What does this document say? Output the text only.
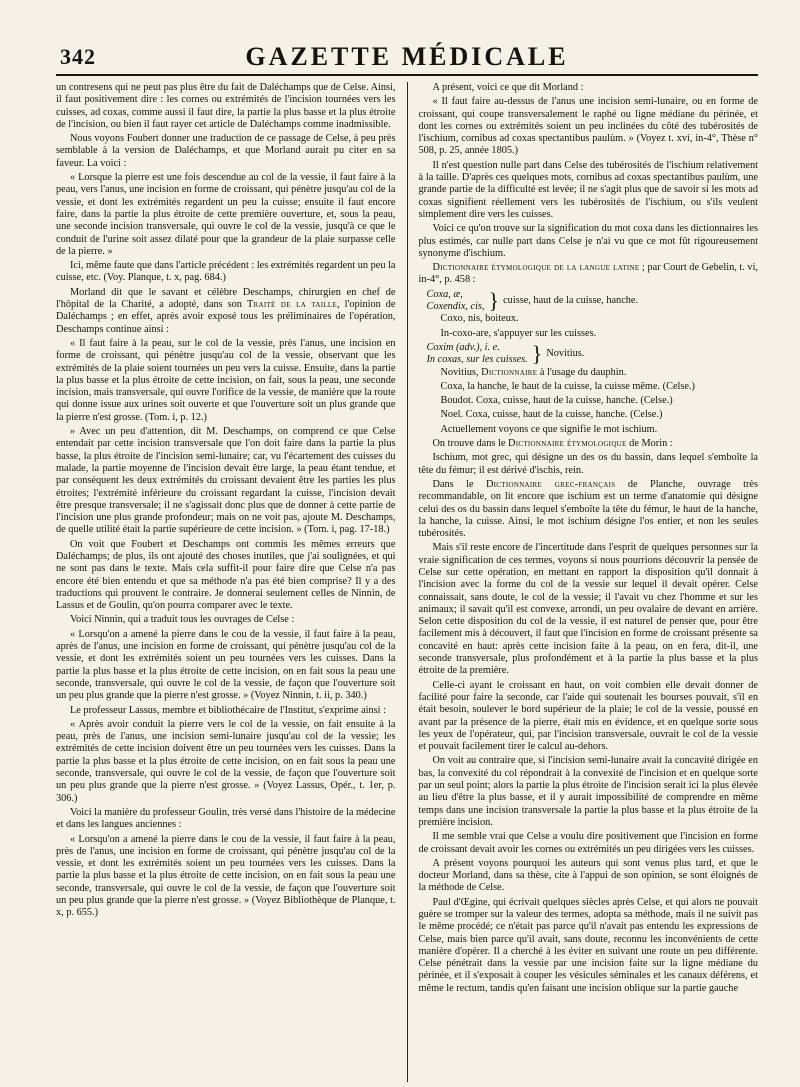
342	GAZETTE MÉDICALE

un contresens qui ne peut pas plus être du fait de Daléchamps que de Celse. Ainsi, il faut positivement dire : les cornes ou extrémités de l'incision tournées vers les cuisses, ad coxas, comme aussi il faut dire, la partie la plus basse et la plus étroite de l'incision, ou bien il faut rayer cet article de Daléchamps comme inadmissible.

Nous voyons Foubert donner une traduction de ce passage de Celse, à peu près semblable à la version de Daléchamps, et que Morland aurait pu citer en sa faveur. La voici :

« Lorsque la pierre est une fois descendue au col de la vessie, il faut faire à la peau, vers l'anus, une incision en forme de croissant, qui pénètre jusqu'au col de la vessie, et dont les extrémités regardent un peu la cuisse; ensuite il faut encore faire, dans la partie la plus étroite de cette première ouverture, et, sous la peau, une seconde incision transversale, qui ouvre le col de la vessie, jusqu'à ce que le conduit de l'urine soit assez dilaté pour que la grandeur de la plaie surpasse celle de la pierre. »

Ici, même faute que dans l'article précédent : les extrémités regardent un peu la cuisse, etc. (Voy. Planque, t. x, pag. 684.)

Morland dit que le savant et célèbre Deschamps, chirurgien en chef de l'hôpital de la Charité, a adopté, dans son Traité de la taille, l'opinion de Daléchamps ; en effet, après avoir exposé tous les préliminaires de l'opération, Deschamps continue ainsi :

« Il faut faire à la peau, sur le col de la vessie, près l'anus, une incision en forme de croissant, qui pénètre jusqu'au col de la vessie, observant que les extrémités de la plaie soient tournées un peu vers la cuisse. Ensuite, dans la partie la plus basse et la plus étroite de cette incision, on fait, sous la peau, une seconde incision, mais transversale, qui ouvre l'orifice de la vessie, de manière que la route qui donne issue aux urines soit ouverte et que l'ouverture soit un plus grande que la pierre n'est grosse. (Tom. i, p. 12.)

» Avec un peu d'attention, dit M. Deschamps, on comprend ce que Celse entendait par cette incision transversale que l'on doit faire dans la partie la plus basse, la plus étroite de l'incision semi-lunaire; car, vu l'écartement des cuisses du malade, la partie moyenne de l'incision devait être large, la peau étant tendue, et par conséquent les deux extrémités du croissant devaient être les parties les plus étroites; l'extrémité inférieure du croissant regardant la cuisse, l'incision devait être presque transversale; il ne s'agissait donc plus que de donner à cette partie de l'incision une plus grande profondeur; mais on ne voit pas, ajoute M. Deschamps, de quelle utilité était la partie supérieure de cette incision. » (Tom. i, pag. 17-18.)

On voit que Foubert et Deschamps ont commis les mêmes erreurs que Daléchamps; de plus, ils ont ajouté des choses inutiles, que j'ai soulignées, et qui ne sont pas dans le texte. Mais cela suffit-il pour faire dire que Celse n'a pas encore été bien entendu et que sa méthode n'a pas été bien comprise? Il y a des traductions qui prouvent le contraire. Je donnerai seulement celles de Ninnin, de Lassus et de Goulin, qu'on pourra comparer avec le texte.

Voici Ninnin, qui a traduit tous les ouvrages de Celse :

« Lorsqu'on a amené la pierre dans le cou de la vessie, il faut faire à la peau, après de l'anus, une incision en forme de croissant, qui pénètre jusqu'au col de la vessie, et dont les extrémités soient un peu tournées vers les cuisses. Dans la partie la plus basse et la plus étroite de cette incision, on en fait sous la peau une seconde, transversale, qui ouvre le col de la vessie, de façon que l'ouverture soit un peu plus grande que la pierre n'est grosse. » (Voyez Ninnin, t. ii, p. 340.)

Le professeur Lassus, membre et bibliothécaire de l'Institut, s'exprime ainsi :

« Après avoir conduit la pierre vers le col de la vessie, on fait ensuite à la peau, près de l'anus, une incision semi-lunaire jusqu'au col de la vessie; les extrémités de cette incision doivent être un peu tournées vers les cuisses. Dans la partie la plus basse et la plus étroite de cette incision, on en fait sous la peau une seconde, transversale, qui ouvre le col de la vessie, de façon que l'ouverture soit un peu plus grande que la pierre n'est grosse. » (Voyez Lassus, Opér., t. 1er, p. 306.)

Voici la manière du professeur Goulin, très versé dans l'histoire de la médecine et dans les langues anciennes :

« Lorsqu'on a amené la pierre dans le cou de la vessie, il faut faire à la peau, près de l'anus, une incision en forme de croissant, qui pénètre jusqu'au col de la vessie, et dont les extrémités soient un peu tournées vers les cuisses. Dans la partie la plus basse et la plus étroite de cette incision, on en fait sous la peau une seconde, transversale, qui ouvre le col de la vessie, de façon que l'ouverture soit un peu plus grande que la pierre n'est grosse. » (Voyez Bibliothèque de Planque, t. x, p. 655.)

A présent, voici ce que dit Morland :

« Il faut faire au-dessus de l'anus une incision semi-lunaire, ou en forme de croissant, qui coupe transversalement le raphé ou ligne médiane du périnée, et dont les cornes ou extrémités soient un peu inclinées du côté des tubérosités de l'ischium, cornibus ad coxas spectantibus paulùm. » (Voyez t. xvi, in-4°, Thèse n° 508, p. 25, année 1805.)

Il n'est question nulle part dans Celse des tubérosités de l'ischium relativement à la taille. D'après ces quelques mots, cornibus ad coxas spectantibus paulùm, une grande partie de la difficulté est levée; il ne s'agit plus que de savoir si les mots ad coxas signifient réellement vers les tubérosités de l'ischium, ou s'ils veulent simplement dire vers les cuisses.

Voici ce qu'on trouve sur la signification du mot coxa dans les dictionnaires les plus estimés, car nulle part dans Celse je n'ai vu que ce mot fût rigoureusement synonyme d'ischium.

Dictionnaire étymologique de la langue latine ; par Court de Gebelin, t. vi, in-4°, p. 458 :

Coxa, æ,
Coxendix, cis, } cuisse, haut de la cuisse, hanche.

Coxo, nis, boiteux.

In-coxo-are, s'appuyer sur les cuisses.

Coxim (adv.), i. e.
In coxas, sur les cuisses. } Novitius.

Novitius, Dictionnaire à l'usage du dauphin.

Coxa, la hanche, le haut de la cuisse, la cuisse même. (Celse.)

Boudot. Coxa, cuisse, haut de la cuisse, hanche. (Celse.)

Noel. Coxa, cuisse, haut de la cuisse, hanche. (Celse.)

Actuellement voyons ce que signifie le mot ischium.

On trouve dans le Dictionnaire étymologique de Morin :

Ischium, mot grec, qui désigne un des os du bassin, dans lequel s'emboîte la tête du fémur; il est dérivé d'ischis, rein.

Dans le Dictionnaire grec-français de Planche, ouvrage très recommandable, on lit encore que ischium est un terme d'anatomie qui désigne celui des os du bassin dans lequel s'emboîte la tête du fémur, le haut de la hanche, la hanche, la cuisse. Ainsi, le mot ischium désigne l'os entier, et non les seules tubérosités.

Mais s'il reste encore de l'incertitude dans l'esprit de quelques personnes sur la vraie signification de ces termes, voyons si nous pourrions découvrir la pensée de Celse sur cette opération, en mettant en rapport la disposition qu'il donnait à l'incision avec la forme du col de la vessie sur lequel il devait opérer. Celse connaissait, sans doute, le col de la vessie; il l'avait vu chez l'homme et sur les animaux; il savait qu'il est convexe, arrondi, un peu ovalaire de devant en arrière. Selon cette disposition du col de la vessie, il est naturel de penser que, pour être facilement mis à découvert, il faut que l'incision en forme de croissant présente sa concavité en haut: après cette incision faite à la peau, on en fera, dit-il, une seconde transversale, plus profondément et à la partie la plus basse et la plus étroite de la première.

Celle-ci ayant le croissant en haut, on voit combien elle devait donner de facilité pour faire la seconde, car l'aide qui soutenait les bourses pouvait, s'il en était besoin, soulever le bord supérieur de la plaie; le col de la vessie, poussé en avant par la présence de la pierre, était mis en évidence, et en quelque sorte sous les yeux de l'opérateur, qui, par l'incision transversale, ouvrait le col de la vessie et pouvait facilement tirer le calcul au-dehors.

On voit au contraire que, si l'incision semi-lunaire avait la concavité dirigée en bas, la convexité du col répondrait à la convexité de l'incision et en quelque sorte par un seul point; alors la partie la plus étroite de l'incision serait ici la plus élevée au lieu d'être la plus basse, et il y aurait impossibilité de comprendre en même temps dans une incision transversale la partie la plus basse et la plus étroite de la première incision.

Il me semble vrai que Celse a voulu dire positivement que l'incision en forme de croissant devait avoir les cornes ou extrémités un peu dirigées vers les cuisses.

A présent voyons pourquoi les auteurs qui sont venus plus tard, et que le docteur Morland, dans sa thèse, cite à l'appui de son opinion, se sont éloignés de la méthode de Celse.

Paul d'Œgine, qui écrivait quelques siècles après Celse, et qui alors ne pouvait guère se tromper sur la valeur des termes, adopta sa méthode, mais il ne suivit pas le même procédé; ce n'était pas parce qu'il n'avait pas entendu les expressions de Celse, mais bien parce qu'il avait, sans doute, reconnu les inconvénients de cette manière d'opérer. Il a cherché à les éviter en suivant une route un peu différente. Celse pénétrait dans la vessie par une incision faite sur la ligne médiane du périnée, et il s'exposait à couper les vésicules séminales et les canaux déférens, et même le rectum, tandis qu'en faisant une incision oblique sur la partie gauche
